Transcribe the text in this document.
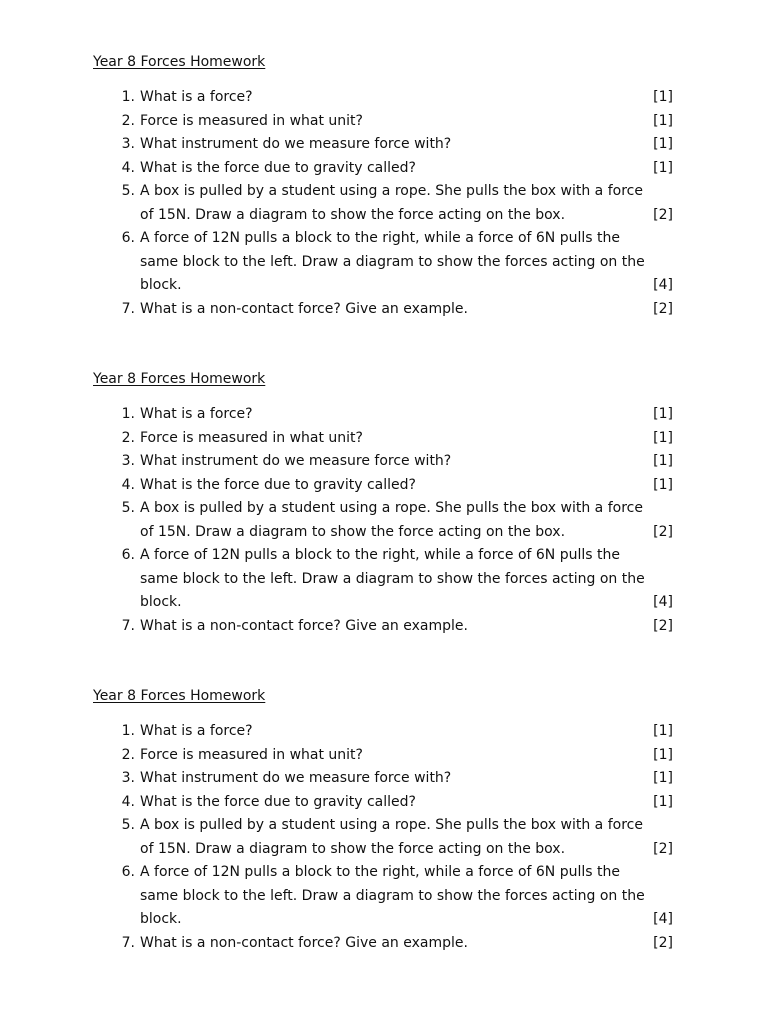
Year 8 Forces Homework
1. What is a force?	[1]
2. Force is measured in what unit?	[1]
3. What instrument do we measure force with?	[1]
4. What is the force due to gravity called?	[1]
5. A box is pulled by a student using a rope. She pulls the box with a force
of 15N. Draw a diagram to show the force acting on the box.	[2]
6. A force of 12N pulls a block to the right, while a force of 6N pulls the
same block to the left. Draw a diagram to show the forces acting on the
block.	[4]
7. What is a non-contact force? Give an example.	[2]
Year 8 Forces Homework
1. What is a force?	[1]
2. Force is measured in what unit?	[1]
3. What instrument do we measure force with?	[1]
4. What is the force due to gravity called?	[1]
5. A box is pulled by a student using a rope. She pulls the box with a force
of 15N. Draw a diagram to show the force acting on the box.	[2]
6. A force of 12N pulls a block to the right, while a force of 6N pulls the
same block to the left. Draw a diagram to show the forces acting on the
block.	[4]
7. What is a non-contact force? Give an example.	[2]
Year 8 Forces Homework
1. What is a force?	[1]
2. Force is measured in what unit?	[1]
3. What instrument do we measure force with?	[1]
4. What is the force due to gravity called?	[1]
5. A box is pulled by a student using a rope. She pulls the box with a force
of 15N. Draw a diagram to show the force acting on the box.	[2]
6. A force of 12N pulls a block to the right, while a force of 6N pulls the
same block to the left. Draw a diagram to show the forces acting on the
block.	[4]
7. What is a non-contact force? Give an example.	[2]
